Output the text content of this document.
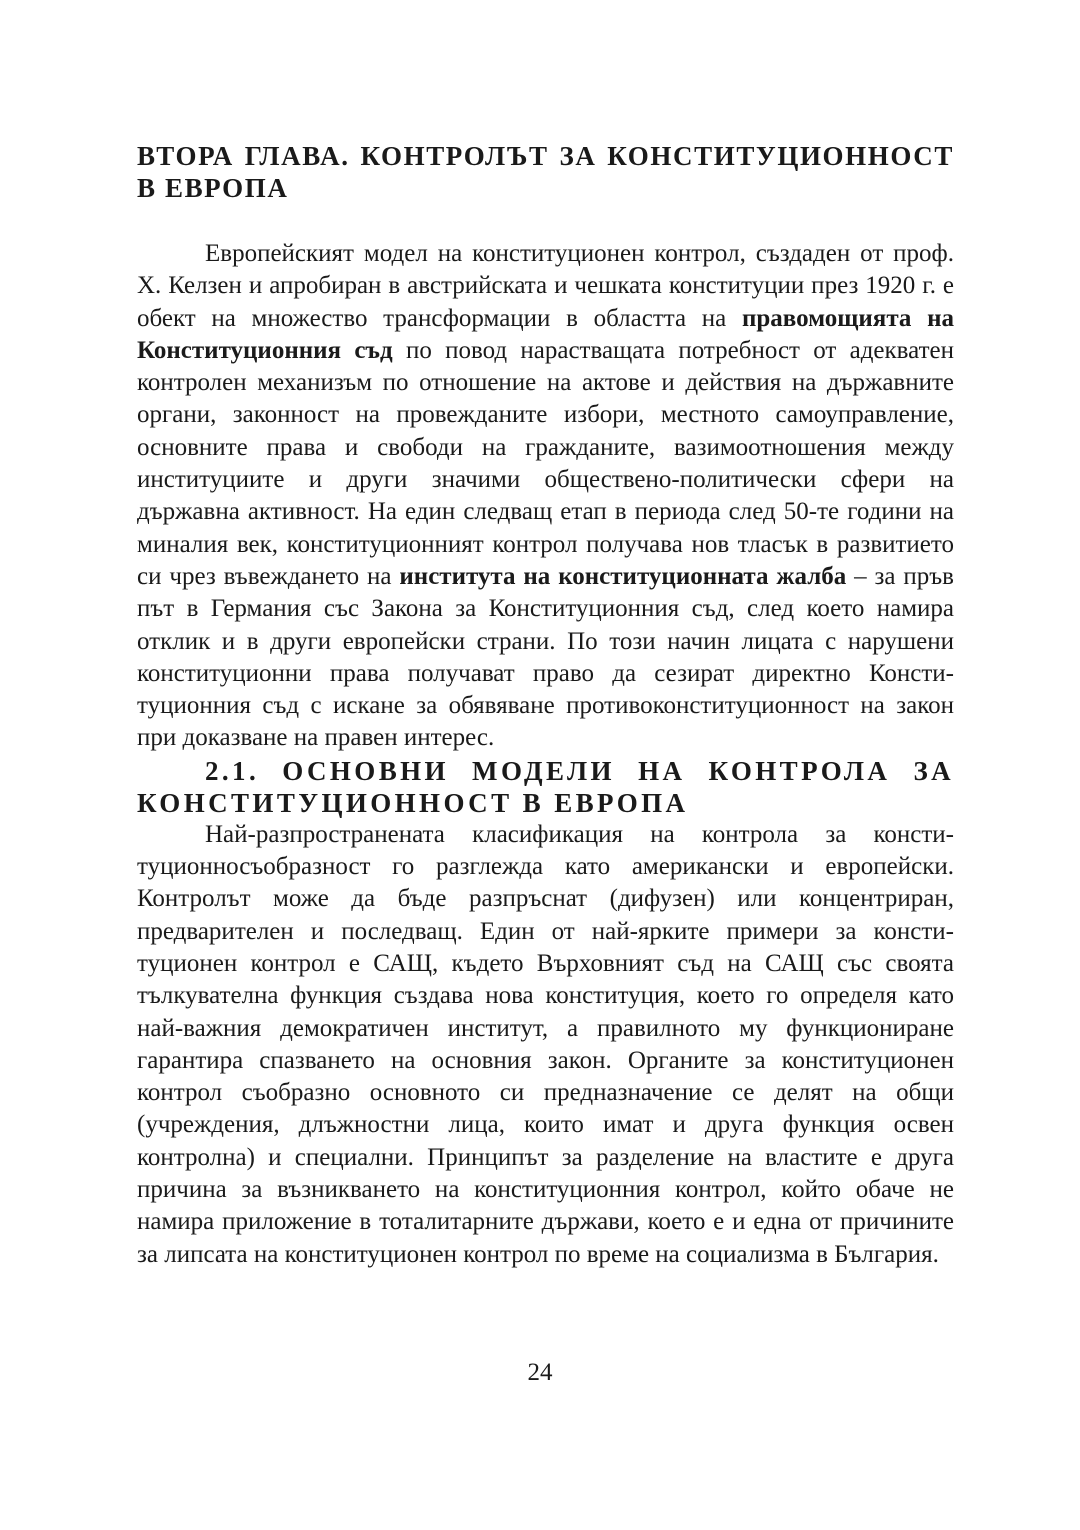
ВТОРА ГЛАВА. КОНТРОЛЪТ ЗА КОНСТИТУЦИОННОСТ В ЕВРОПА

Европейският модел на конституционен контрол, създаден от проф. Х. Келзен и апробиран в австрийската и чешката конституции през 1920 г. е обект на множество трансформации в областта на правомощията на Конституционния съд по повод нарастващата потребност от адекватен контролен механизъм по отношение на актове и действия на държавните органи, законност на провежданите избори, местното самоуправление, основните права и свободи на гражданите, вазимоотношения между институциите и други значими обществено-политически сфери на държавна активност. На един следващ етап в периода след 50-те години на миналия век, конституционният контрол получава нов тласък в развитието си чрез въвеждането на института на конституционната жалба – за пръв път в Германия със Закона за Конституционния съд, след което намира отклик и в други европейски страни. По този начин лицата с нарушени конституционни права получават право да сезират директно Конституционния съд с искане за обявяване противоконституционност на закон при доказване на правен интерес.

2.1. ОСНОВНИ МОДЕЛИ НА КОНТРОЛА ЗА КОНСТИТУЦИОННОСТ В ЕВРОПА

Най-разпространената класификация на контрола за конституционносъобразност го разглежда като американски и европейски. Контролът може да бъде разпръснат (дифузен) или концентриран, предварителен и последващ. Един от най-ярките примери за конституционен контрол е САЩ, където Върховният съд на САЩ със своята тълкувателна функция създава нова конституция, което го определя като най-важния демократичен институт, а правилното му функциониране гарантира спазването на основния закон. Органите за конституционен контрол съобразно основното си предназначение се делят на общи (учреждения, длъжностни лица, които имат и друга функция освен контролна) и специални. Принципът за разделение на властите е друга причина за възникването на конституционния контрол, който обаче не намира приложение в тоталитарните държави, което е и една от причините за липсата на конституционен контрол по време на социализма в България.

24
